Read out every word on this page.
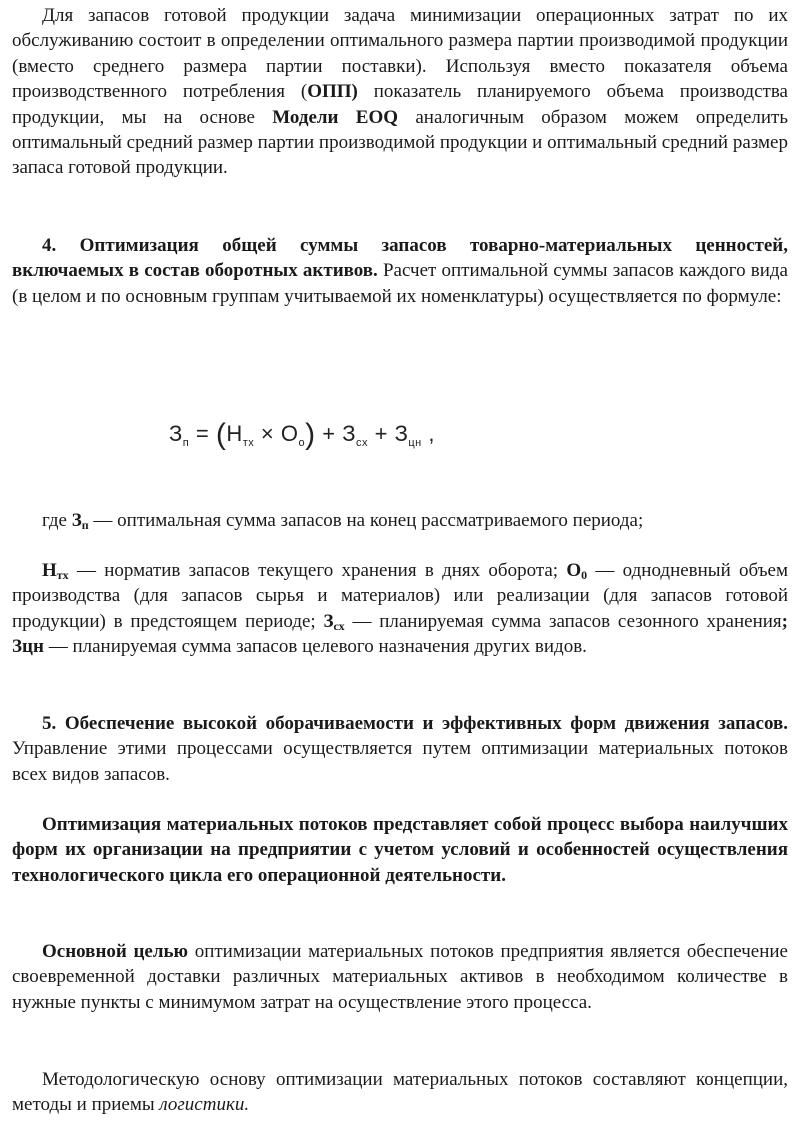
Для запасов готовой продукции задача минимизации операционных затрат по их обслуживанию состоит в определении оптимального размера партии производимой продукции (вместо среднего размера партии поставки). Используя вместо показателя объема производственного потребления (ОПП) показатель планируемого объема производства продукции, мы на основе Модели EOQ аналогичным образом можем определить оптимальный средний размер партии производимой продукции и оптимальный средний размер запаса готовой продукции.

4. Оптимизация общей суммы запасов товарно-материальных ценностей, включаемых в состав оборотных активов. Расчет оптимальной суммы запасов каждого вида (в целом и по основным группам учитываемой их номенклатуры) осуществляется по формуле:

$З_п = (Н_{тх} \times О_о) + З_{сх} + З_{цн}$ ,

где $З_п$ — оптимальная сумма запасов на конец рассматриваемого периода;

$Н_{тх}$ — норматив запасов текущего хранения в днях оборота; $О_0$ — однодневный объем производства (для запасов сырья и материалов) или реализации (для запасов готовой продукции) в предстоящем периоде; $З_{сх}$ — планируемая сумма запасов сезонного хранения; Зцн — планируемая сумма запасов целевого назначения других видов.

5. Обеспечение высокой оборачиваемости и эффективных форм движения запасов. Управление этими процессами осуществляется путем оптимизации материальных потоков всех видов запасов.

Оптимизация материальных потоков представляет собой процесс выбора наилучших форм их организации на предприятии с учетом условий и особенностей осуществления технологического цикла его операционной деятельности.

Основной целью оптимизации материальных потоков предприятия является обеспечение своевременной доставки различных материальных активов в необходимом количестве в нужные пункты с минимумом затрат на осуществление этого процесса.

Методологическую основу оптимизации материальных потоков составляют концепции, методы и приемы логистики.
